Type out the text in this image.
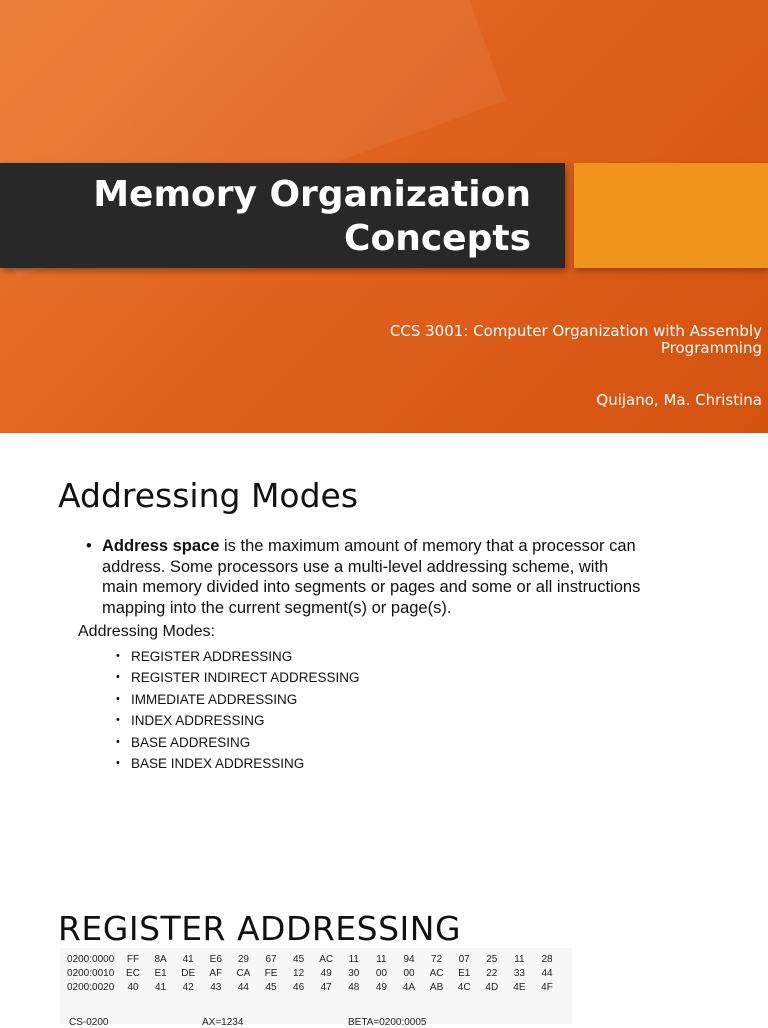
Memory Organization
Concepts
CCS 3001: Computer Organization with Assembly Programming
Quijano, Ma. Christina
Addressing Modes
• Address space is the maximum amount of memory that a processor can address. Some processors use a multi-level addressing scheme, with main memory divided into segments or pages and some or all instructions mapping into the current segment(s) or page(s).
Addressing Modes:
• REGISTER ADDRESSING
• REGISTER INDIRECT ADDRESSING
• IMMEDIATE ADDRESSING
• INDEX ADDRESSING
• BASE ADDRESING
• BASE INDEX ADDRESSING
REGISTER ADDRESSING
0200:0000	FF	8A	41	E6	29	67	45	AC	11	11	94	72	07	25	11	28
0200:0010	EC	E1	DE	AF	CA	FE	12	49	30	00	00	AC	E1	22	33	44
0200:0020	40	41	42	43	44	45	46	47	48	49	4A	AB	4C	4D	4E	4F
CS-0200	AX=1234	BETA=0200:0005
